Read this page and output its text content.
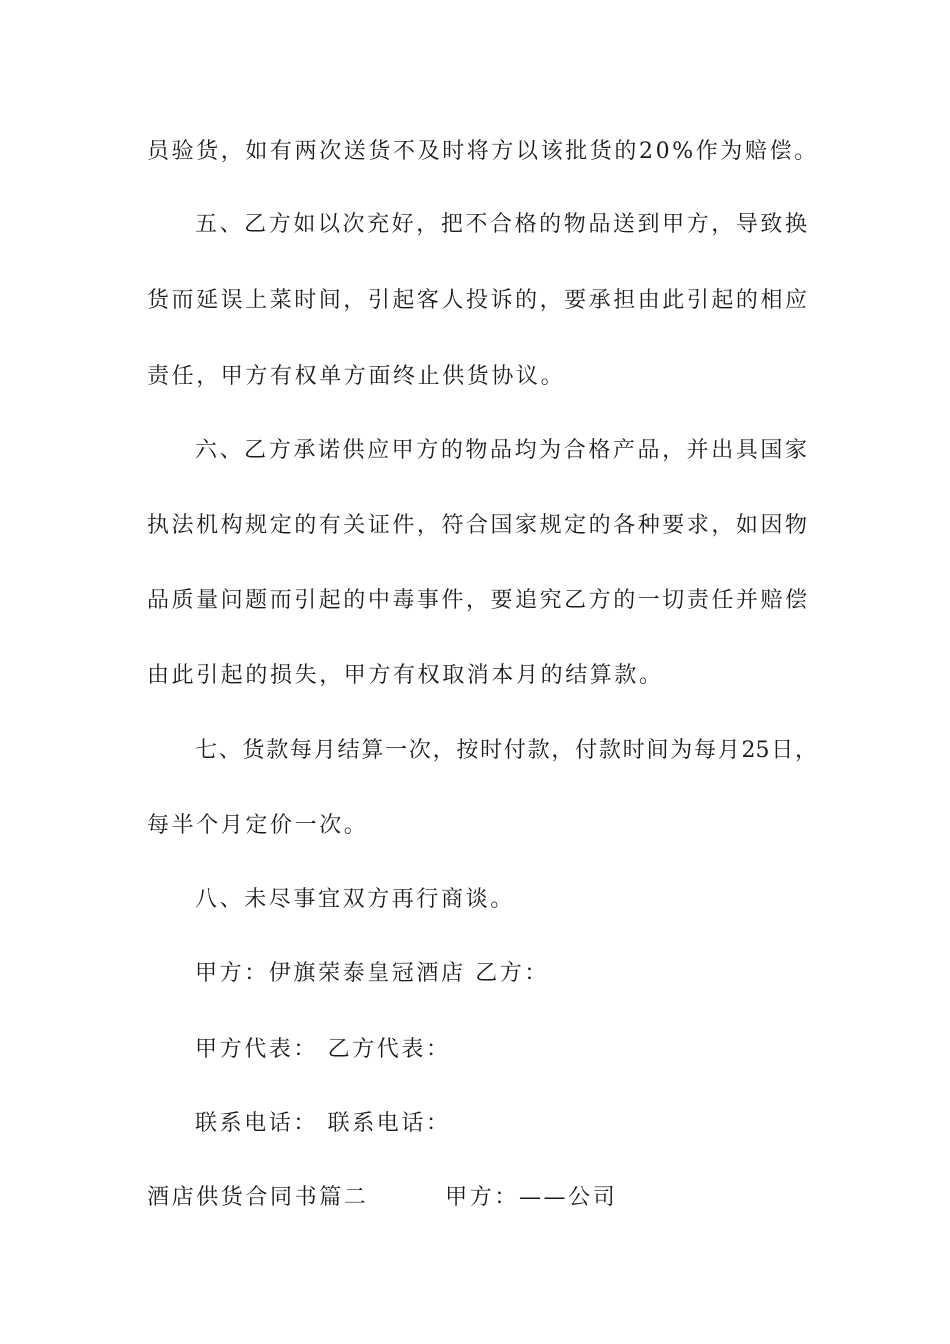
员验货，如有两次送货不及时将方以该批货的20%作为赔偿。
五、乙方如以次充好，把不合格的物品送到甲方，导致换
货而延误上菜时间，引起客人投诉的，要承担由此引起的相应
责任，甲方有权单方面终止供货协议。
六、乙方承诺供应甲方的物品均为合格产品，并出具国家
执法机构规定的有关证件，符合国家规定的各种要求，如因物
品质量问题而引起的中毒事件，要追究乙方的一切责任并赔偿
由此引起的损失，甲方有权取消本月的结算款。
七、货款每月结算一次，按时付款，付款时间为每月25日，
每半个月定价一次。
八、未尽事宜双方再行商谈。
甲方：伊旗荣泰皇冠酒店 乙方：
甲方代表： 乙方代表：
联系电话： 联系电话：
酒店供货合同书篇二        甲方：——公司
